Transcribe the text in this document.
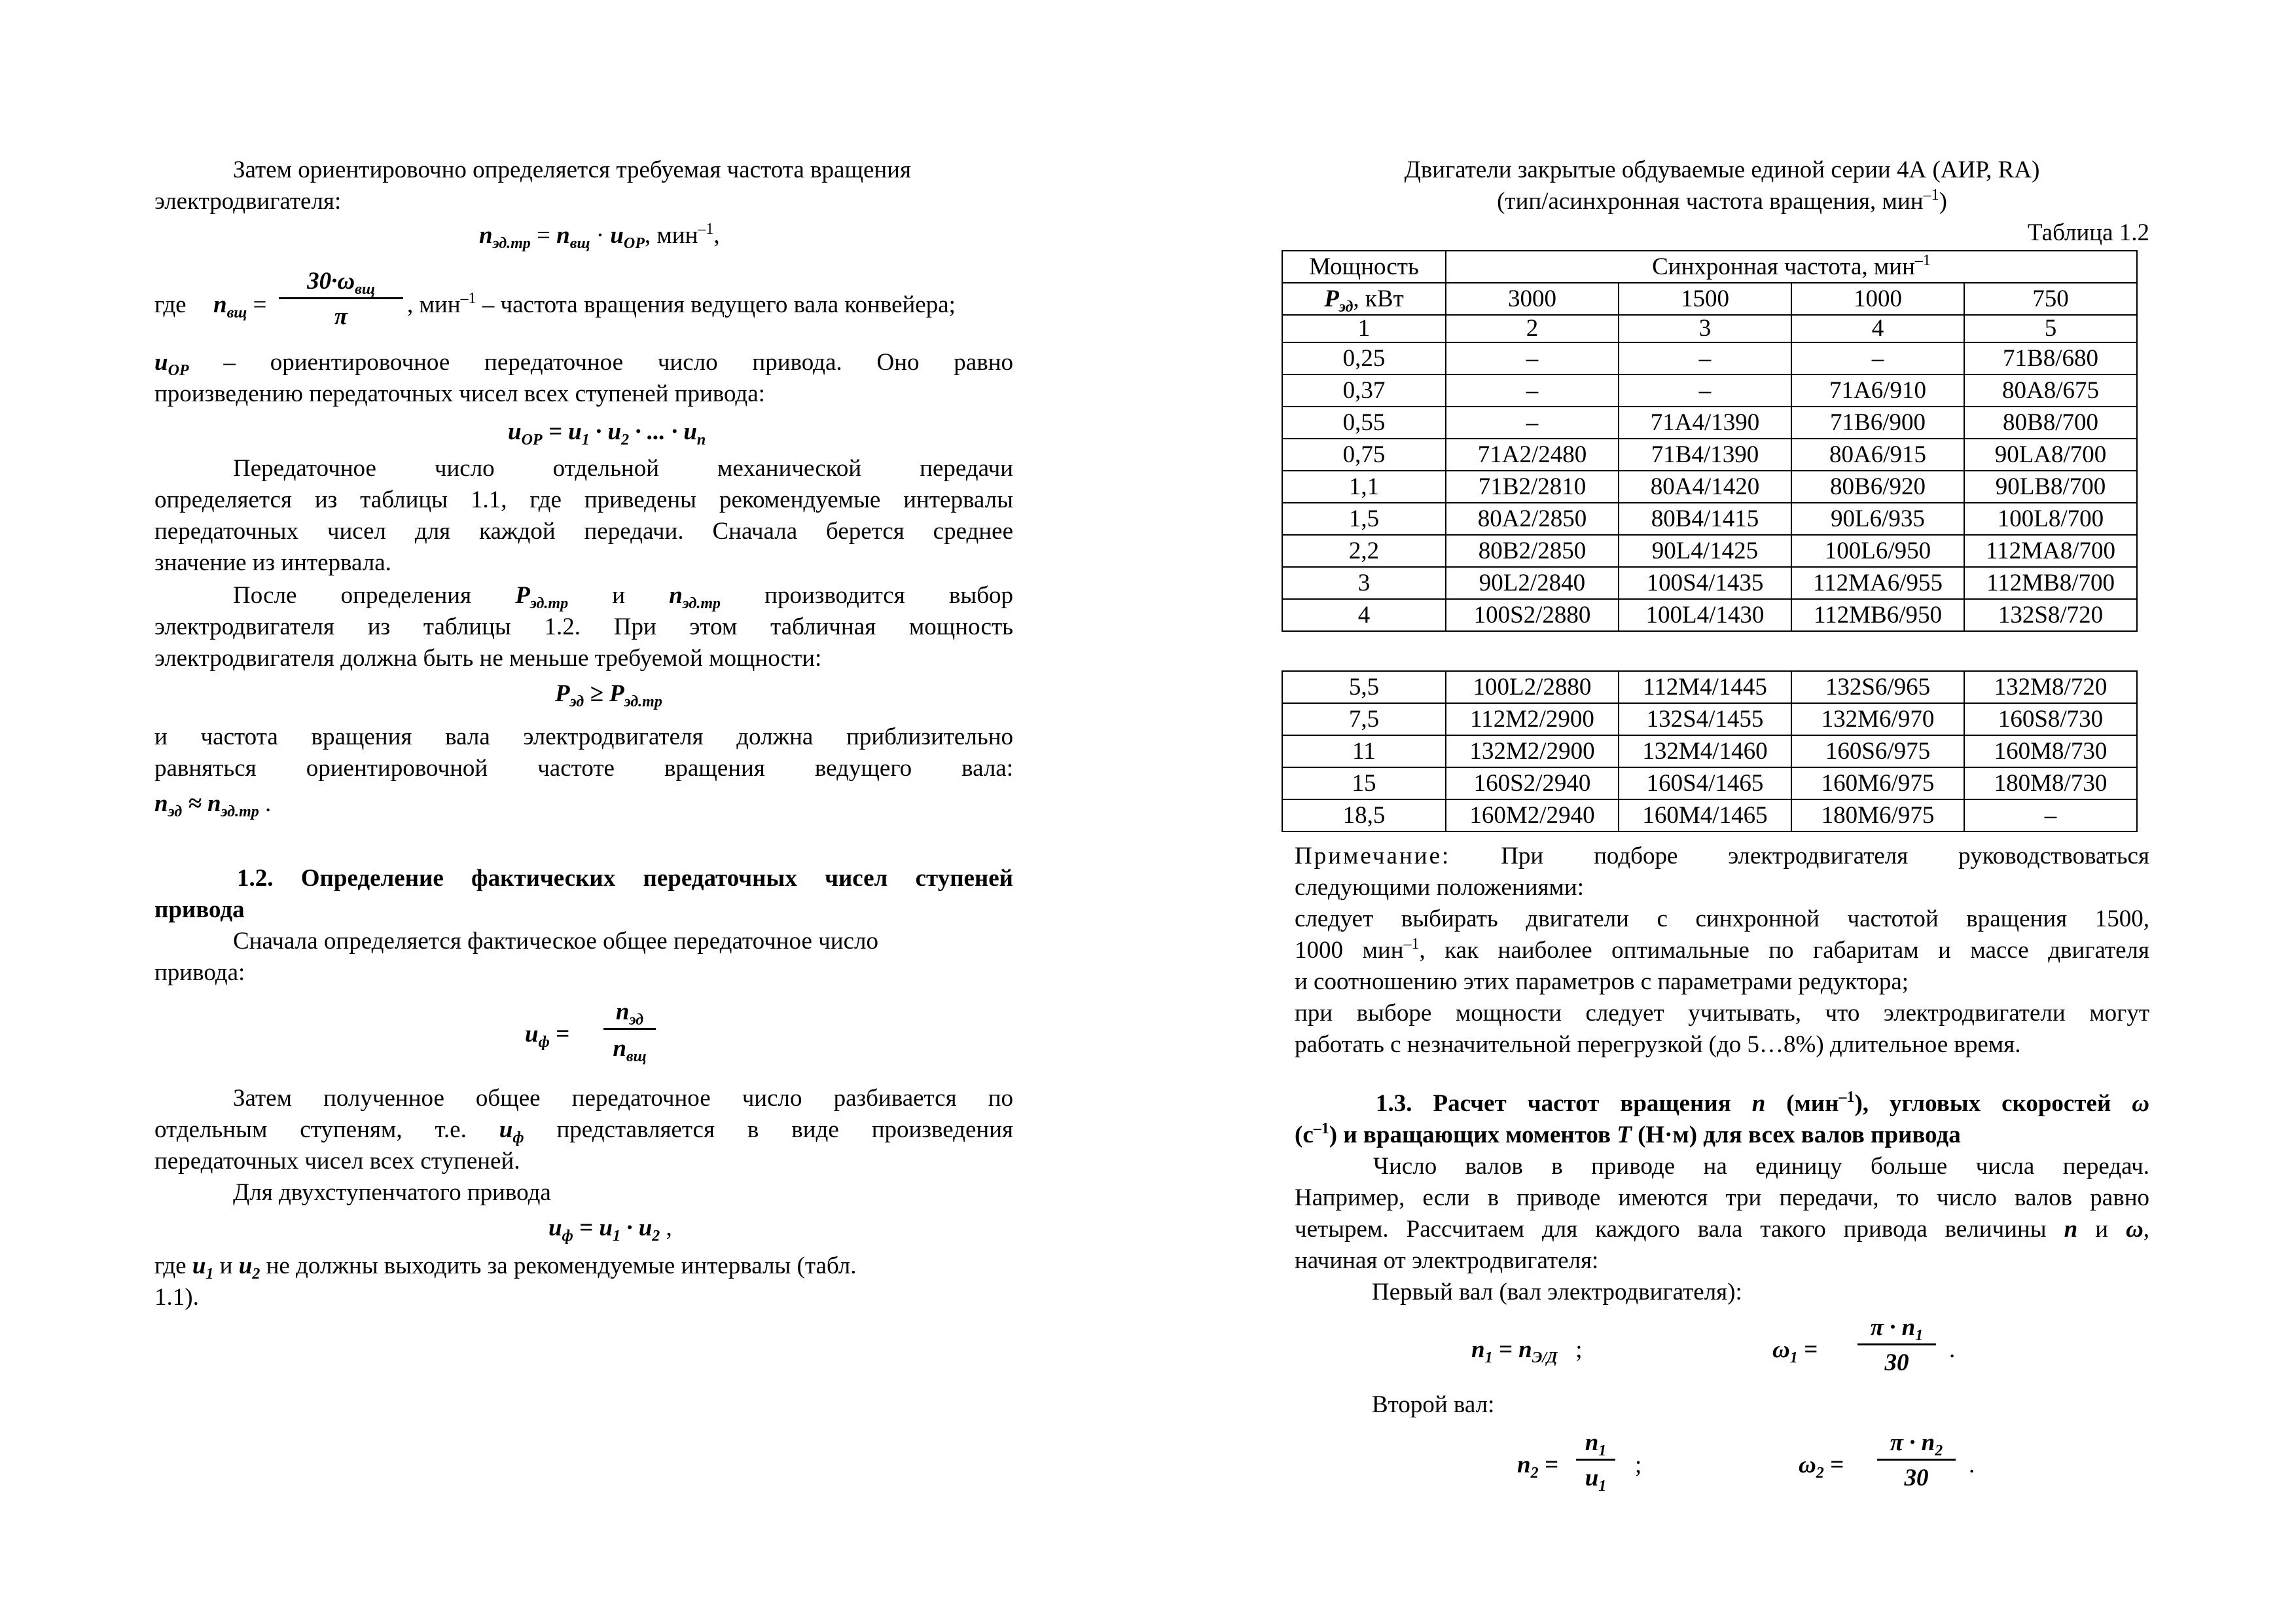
Затем ориентировочно определяется требуемая частота вращения

электродвигателя:

$n_{эд.тр} = n_{вщ} \cdot u_{OP}$, мин$^{-1}$,

где $n_{вщ}$ =
$30\cdot\omega_{вщ}$
π	, мин$^{-1}$ – частота вращения ведущего вала конвейера;

$u_{OP}$ – ориентировочное передаточное число привода. Оно равно

произведению передаточных чисел всех ступеней привода:

$u_{OP} = u_1 \cdot u_2$ · ... · $u_n$

Передаточное число отдельной механической передачи

определяется из таблицы 1.1, где приведены рекомендуемые интервалы

передаточных чисел для каждой передачи. Сначала берется среднее

значение из интервала.

После определения $P_{эд.тр}$ и $n_{эд.тр}$ производится выбор

электродвигателя из таблицы 1.2. При этом табличная мощность

электродвигателя должна быть не меньше требуемой мощности:

$P_{эд} \ge P_{эд.тр}$

и частота вращения вала электродвигателя должна приблизительно

равняться ориентировочной частоте вращения ведущего вала:

$n_{эд} \approx n_{эд.тр}$ .

1.2. Определение фактических передаточных чисел ступеней

привода

Сначала определяется фактическое общее передаточное число

привода:

$u_ф$ =
$n_{эд}$
$n_{вщ}$

Затем полученное общее передаточное число разбивается по

отдельным ступеням, т.е. $u_ф$ представляется в виде произведения

передаточных чисел всех ступеней.

Для двухступенчатого привода

$u_ф = u_1 \cdot u_2$ ,

где $u_1$ и $u_2$ не должны выходить за рекомендуемые интервалы (табл.

1.1).

Двигатели закрытые обдуваемые единой серии 4А (АИР, RA)

(тип/асинхронная частота вращения, мин$^{-1}$)

Таблица 1.2

Мощность	Синхронная частота, мин$^{-1}$
$P_{эд}$, кВт	3000	1500	1000	750
1	2	3	4	5
0,25	–	–	–	71B8/680
0,37	–	–	71A6/910	80A8/675
0,55	–	71A4/1390	71B6/900	80B8/700
0,75	71A2/2480	71B4/1390	80A6/915	90LA8/700
1,1	71B2/2810	80A4/1420	80B6/920	90LB8/700
1,5	80A2/2850	80B4/1415	90L6/935	100L8/700
2,2	80B2/2850	90L4/1425	100L6/950	112MA8/700
3	90L2/2840	100S4/1435	112MA6/955	112MB8/700
4	100S2/2880	100L4/1430	112MB6/950	132S8/720
5,5	100L2/2880	112M4/1445	132S6/965	132M8/720
7,5	112M2/2900	132S4/1455	132M6/970	160S8/730
11	132M2/2900	132M4/1460	160S6/975	160M8/730
15	160S2/2940	160S4/1465	160M6/975	180M8/730
18,5	160M2/2940	160M4/1465	180M6/975	–

Примечание: При подборе электродвигателя руководствоваться

следующими положениями:

следует выбирать двигатели с синхронной частотой вращения 1500,

1000 мин$^{-1}$, как наиболее оптимальные по габаритам и массе двигателя

и соотношению этих параметров с параметрами редуктора;

при выборе мощности следует учитывать, что электродвигатели могут

работать с незначительной перегрузкой (до 5…8%) длительное время.

1.3. Расчет частот вращения n (мин$^{-1}$), угловых скоростей ω

$(с^{-1})$ и вращающих моментов T (Н·м) для всех валов привода

Число валов в приводе на единицу больше числа передач.

Например, если в приводе имеются три передачи, то число валов равно

четырем. Рассчитаем для каждого вала такого привода величины n и ω,

начиная от электродвигателя:

Первый вал (вал электродвигателя):

$n_1 = n_{Э/Д}$   ;	$\omega_1$ =
$\pi \cdot n_1$
30	.

Второй вал:

$n_2$ =
$n_1$
$u_1$
;	$\omega_2$ =
$\pi \cdot n_2$
30	.
